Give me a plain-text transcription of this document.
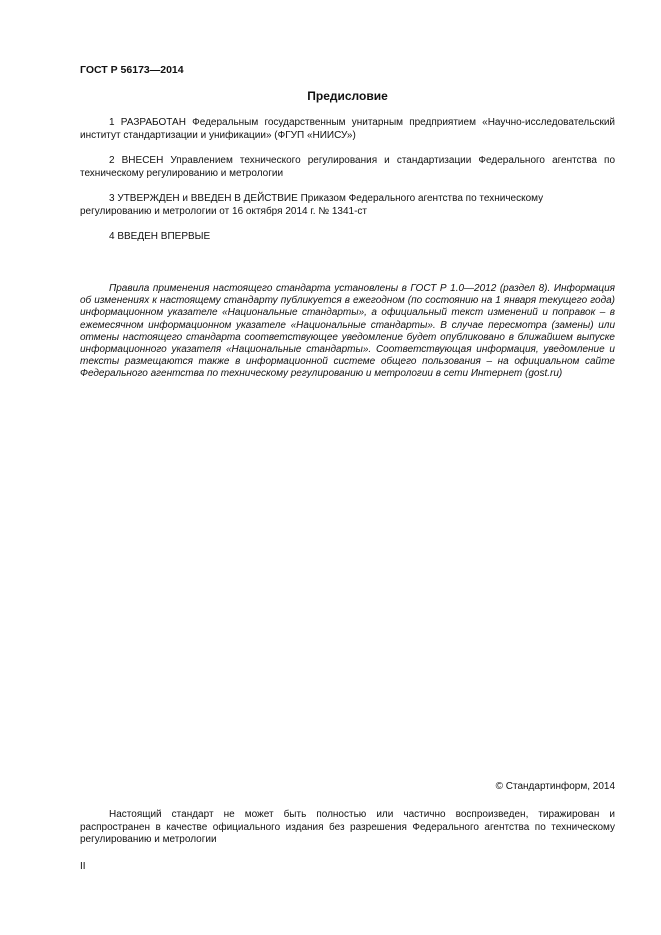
ГОСТ Р 56173—2014
Предисловие

1 РАЗРАБОТАН Федеральным государственным унитарным предприятием «Научно-исследовательский институт стандартизации и унификации» (ФГУП «НИИСУ»)

2 ВНЕСЕН Управлением технического регулирования и стандартизации Федерального агентства по техническому регулированию и метрологии

3 УТВЕРЖДЕН и ВВЕДЕН В ДЕЙСТВИЕ Приказом Федерального агентства по техническому регулированию и метрологии от 16 октября 2014 г. № 1341-ст

4 ВВЕДЕН ВПЕРВЫЕ

Правила применения настоящего стандарта установлены в ГОСТ Р 1.0—2012 (раздел 8). Информация об изменениях к настоящему стандарту публикуется в ежегодном (по состоянию на 1 января текущего года) информационном указателе «Национальные стандарты», а официальный текст изменений и поправок – в ежемесячном информационном указателе «Национальные стандарты». В случае пересмотра (замены) или отмены настоящего стандарта соответствующее уведомление будет опубликовано в ближайшем выпуске информационного указателя «Национальные стандарты». Соответствующая информация, уведомление и тексты размещаются также в информационной системе общего пользования – на официальном сайте Федерального агентства по техническому регулированию и метрологии в сети Интернет (gost.ru)

© Стандартинформ, 2014

Настоящий стандарт не может быть полностью или частично воспроизведен, тиражирован и распространен в качестве официального издания без разрешения Федерального агентства по техническому регулированию и метрологии

II
